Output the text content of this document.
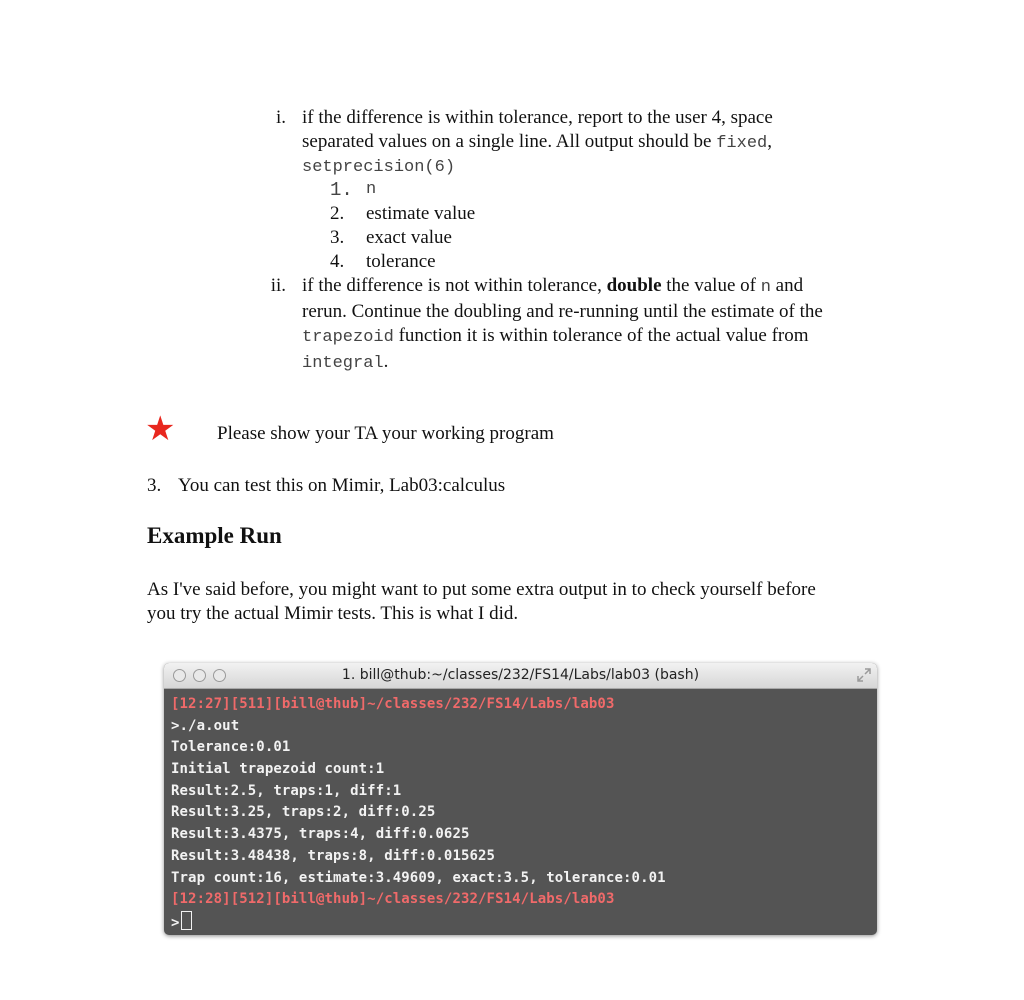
i. if the difference is within tolerance, report to the user 4, space
separated values on a single line. All output should be fixed,
setprecision(6)
1. n
2.	estimate value
3.	exact value
4.	tolerance
ii. if the difference is not within tolerance, double the value of n and
rerun. Continue the doubling and re-running until the estimate of the
trapezoid function it is within tolerance of the actual value from
integral.
★ Please show your TA your working program
3. You can test this on Mimir, Lab03:calculus
Example Run
As I've said before, you might want to put some extra output in to check yourself before
you try the actual Mimir tests. This is what I did.
1. bill@thub:~/classes/232/FS14/Labs/lab03 (bash)
[12:27][511][bill@thub]~/classes/232/FS14/Labs/lab03
>./a.out
Tolerance:0.01
Initial trapezoid count:1
Result:2.5, traps:1, diff:1
Result:3.25, traps:2, diff:0.25
Result:3.4375, traps:4, diff:0.0625
Result:3.48438, traps:8, diff:0.015625
Trap count:16, estimate:3.49609, exact:3.5, tolerance:0.01
[12:28][512][bill@thub]~/classes/232/FS14/Labs/lab03
>
